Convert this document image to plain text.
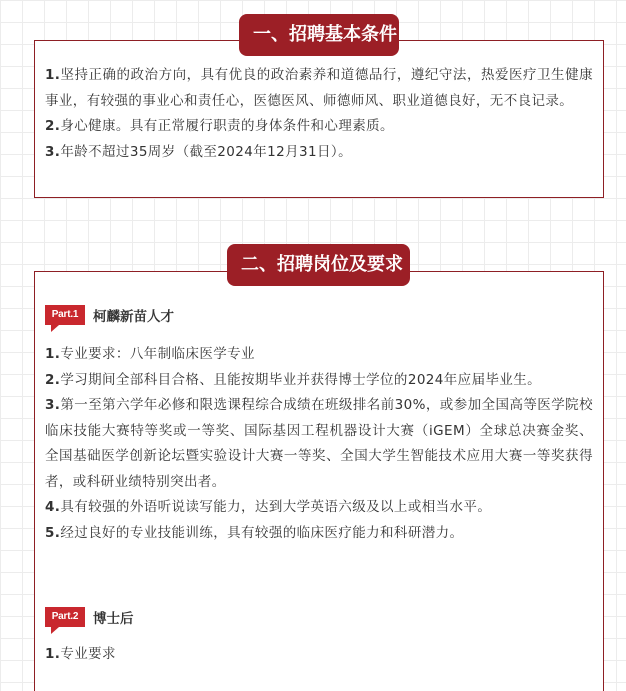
1.坚持正确的政治方向，具有优良的政治素养和道德品行，遵纪守法，热爱医疗卫生健康事业，有较强的事业心和责任心，医德医风、师德师风、职业道德良好，无不良记录。
2.身心健康。具有正常履行职责的身体条件和心理素质。
3.年龄不超过35周岁（截至2024年12月31日）。
一、招聘基本条件
Part.1	柯麟新苗人才
1.专业要求：八年制临床医学专业
2.学习期间全部科目合格、且能按期毕业并获得博士学位的2024年应届毕业生。
3.第一至第六学年必修和限选课程综合成绩在班级排名前30%，或参加全国高等医学院校临床技能大赛特等奖或一等奖、国际基因工程机器设计大赛（iGEM）全球总决赛金奖、全国基础医学创新论坛暨实验设计大赛一等奖、全国大学生智能技术应用大赛一等奖获得者，或科研业绩特别突出者。
4.具有较强的外语听说读写能力，达到大学英语六级及以上或相当水平。
5.经过良好的专业技能训练，具有较强的临床医疗能力和科研潜力。
Part.2	博士后
1.专业要求
二、招聘岗位及要求
